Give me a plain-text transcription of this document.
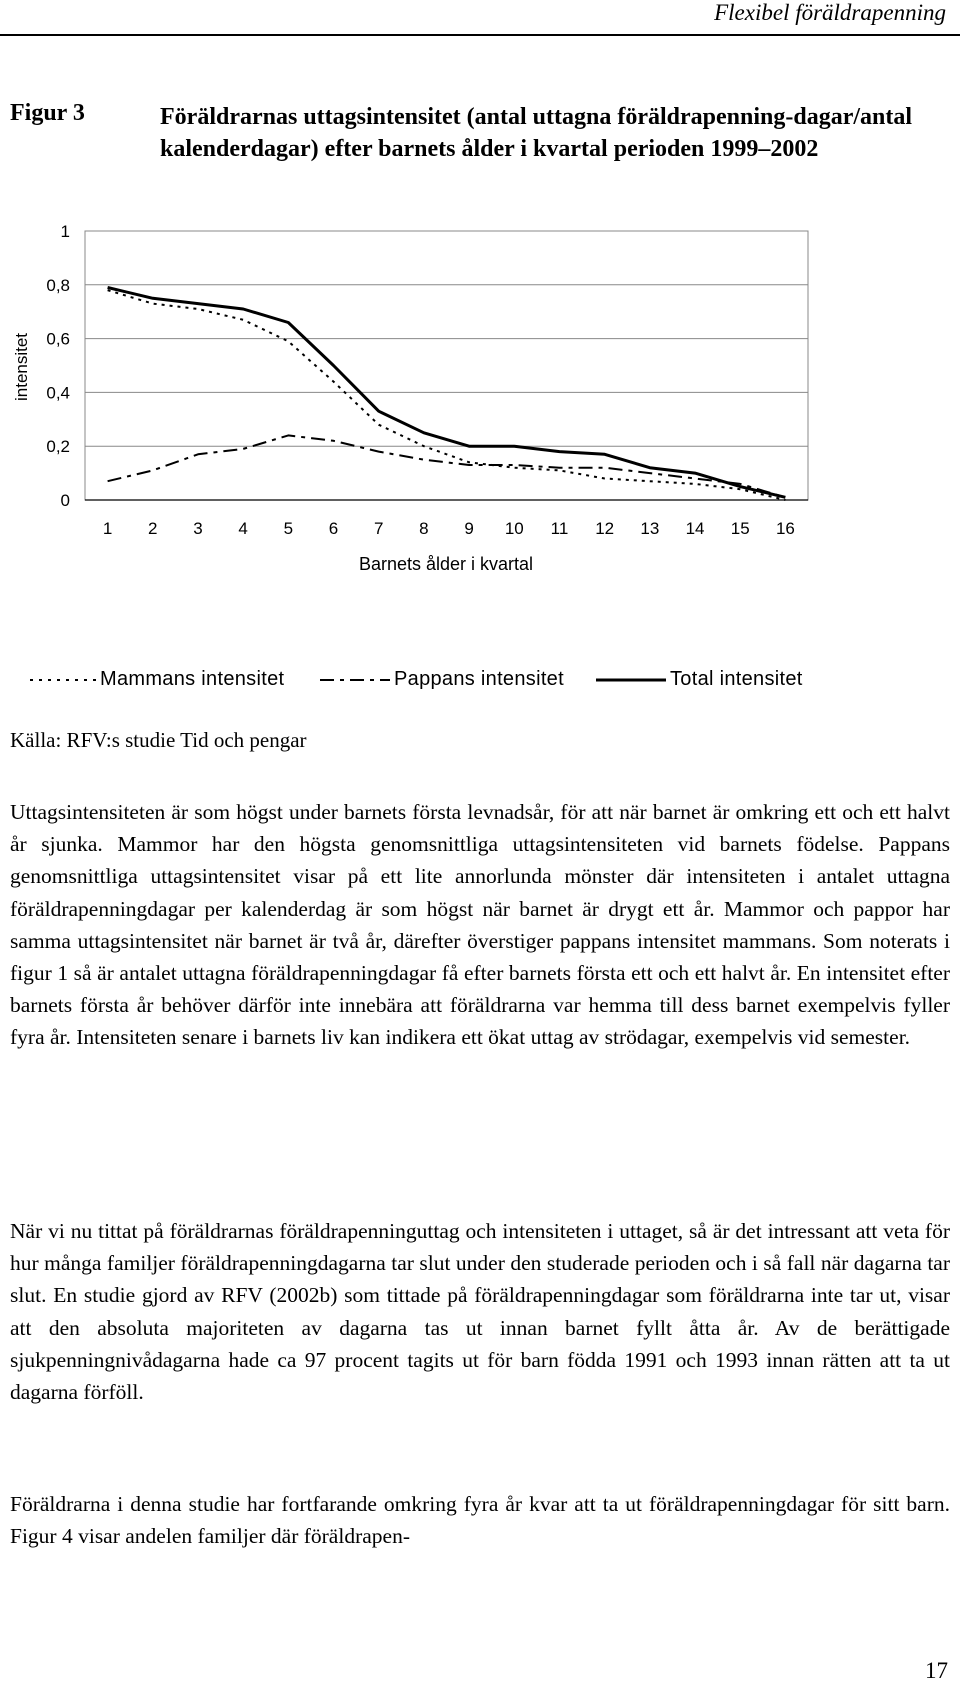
Flexibel föräldrapenning
Figur 3	Föräldrarnas uttagsintensitet (antal uttagna föräldrapenning-dagar/antal kalenderdagar) efter barnets ålder i kvartal perioden 1999–2002
0
0,2
0,4
0,6
0,8
1
1 2 3 4 5 6 7 8 9 10 11 12 13 14 15 16
intensitet
Barnets ålder i kvartal
Mammans intensitet	Pappans intensitet	Total intensitet
Källa: RFV:s studie Tid och pengar
Uttagsintensiteten är som högst under barnets första levnadsår, för att när barnet är omkring ett och ett halvt år sjunka. Mammor har den högsta genomsnittliga uttagsintensiteten vid barnets födelse. Pappans genomsnittliga uttagsintensitet visar på ett lite annorlunda mönster där intensiteten i antalet uttagna föräldrapenningdagar per kalenderdag är som högst när barnet är drygt ett år. Mammor och pappor har samma uttagsintensitet när barnet är två år, därefter överstiger pappans intensitet mammans. Som noterats i figur 1 så är antalet uttagna föräldrapenningdagar få efter barnets första ett och ett halvt år. En intensitet efter barnets första år behöver därför inte innebära att föräldrarna var hemma till dess barnet exempelvis fyller fyra år. Intensiteten senare i barnets liv kan indikera ett ökat uttag av strödagar, exempelvis vid semester.
När vi nu tittat på föräldrarnas föräldrapenninguttag och intensiteten i uttaget, så är det intressant att veta för hur många familjer föräldrapenningdagarna tar slut under den studerade perioden och i så fall när dagarna tar slut. En studie gjord av RFV (2002b) som tittade på föräldrapenningdagar som föräldrarna inte tar ut, visar att den absoluta majoriteten av dagarna tas ut innan barnet fyllt åtta år. Av de berättigade sjukpenningnivådagarna hade ca 97 procent tagits ut för barn födda 1991 och 1993 innan rätten att ta ut dagarna förföll.
Föräldrarna i denna studie har fortfarande omkring fyra år kvar att ta ut föräldrapenningdagar för sitt barn. Figur 4 visar andelen familjer där föräldrapen-
17
